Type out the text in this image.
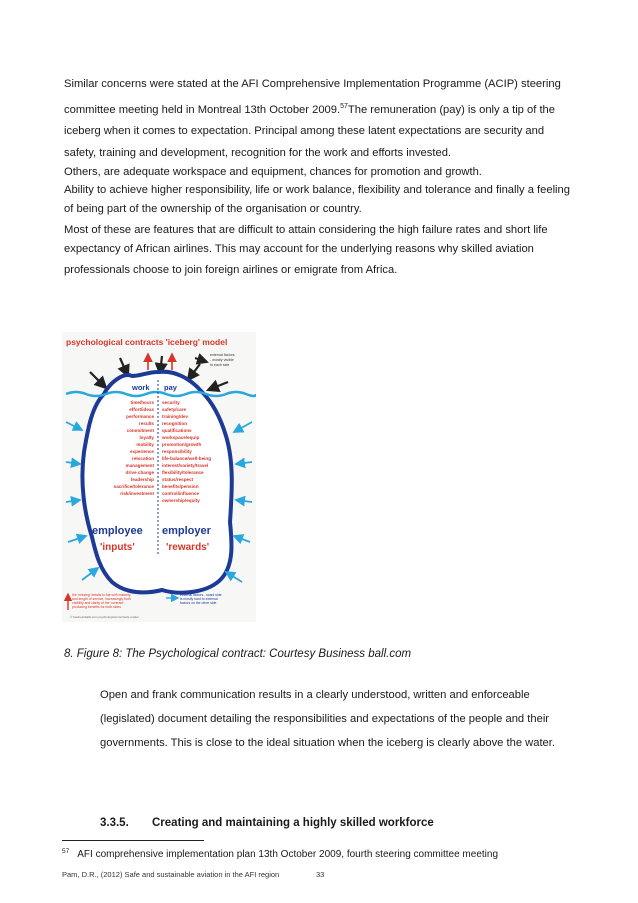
Similar concerns were stated at the AFI Comprehensive Implementation Programme (ACIP) steering
committee meeting held in Montreal 13th October 2009.57The remuneration (pay) is only a tip of the
iceberg when it comes to expectation. Principal among these latent expectations are security and
safety, training and development, recognition for the work and efforts invested.
Others, are adequate workspace and equipment, chances for promotion and growth.
Ability to achieve higher responsibility, life or work balance, flexibility and tolerance and finally a feeling
of being part of the ownership of the organisation or country.
Most of these are features that are difficult to attain considering the high failure rates and short life
expectancy of African airlines. This may account for the underlying reasons why skilled aviation
professionals choose to join foreign airlines or emigrate from Africa.
psychological contracts 'iceberg' model
external factors
- mostly visible
to each side
work pay
time/hours
effort/ideas
performance
results
commitment
loyalty
mobility
experience
relocation
management
drive change
leadership
sacrifice/tolerance
risk/investment
security
safety/care
training/dev
recognition
qualifications
workspace/equip
promotion/growth
responsibility
life-balance/well-being
interest/variety/travel
flexibility/tolerance
status/respect
benefits/pension
control/influence
ownership/equity
employee
'inputs'
employer
'rewards'
the 'missing' details to fair with maturity
and length of service, increasingly both
visibility and clarity of the 'contract',
producing benefits for both sides
external factors - scant side
is mostly hard to external
factors on the other side
© businessballs.com psychological contracts model
8. Figure 8: The Psychological contract: Courtesy Business ball.com
Open and frank communication results in a clearly understood, written and enforceable
(legislated) document detailing the responsibilities and expectations of the people and their
governments. This is close to the ideal situation when the iceberg is clearly above the water.
3.3.5. Creating and maintaining a highly skilled workforce
$^{57}$ AFI comprehensive implementation plan 13th October 2009, fourth steering committee meeting
Pam, D.R., (2012) Safe and sustainable aviation in the AFI region	33
